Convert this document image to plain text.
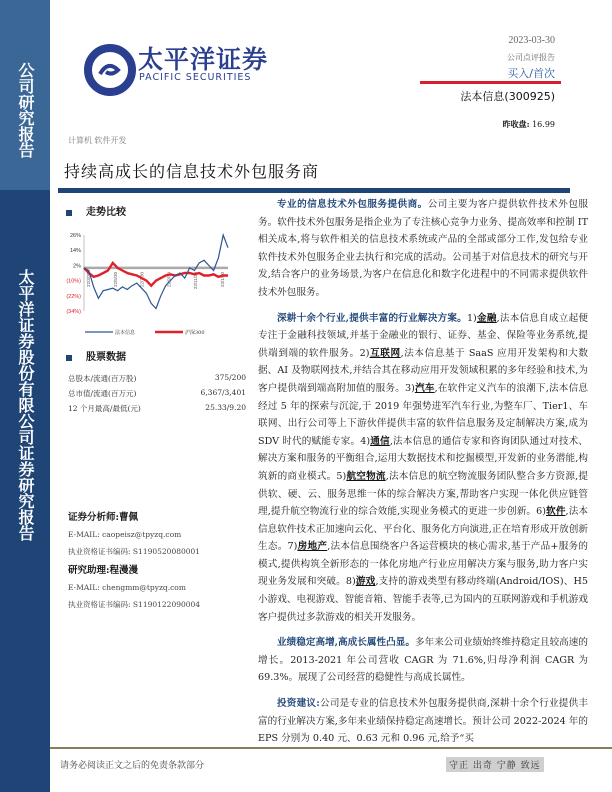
公司研究报告
太平洋证券股份有限公司证券研究报告
太平洋证券
PACIFIC SECURITIES
2023-03-30
公司点评报告
买入/首次
法本信息(300925)
昨收盘: 16.99
计算机 软件开发
持续高成长的信息技术外包服务商
走势比较
26%
14%
2%
(10%)
(22%)
(34%)
22/3/30	22/5/30	22/7/30	22/9/30	22/11/30	23/1/30
法本信息	沪深300
股票数据
总股本/流通(百万股)	375/200
总市值/流通(百万元)	6,367/3,401
12 个月最高/最低(元)	25.33/9.20
证券分析师:曹佩
E-MAIL: caopeisz@tpyzq.com
执业资格证书编码: S1190520080001
研究助理:程漫漫
E-MAIL: chengmm@tpyzq.com
执业资格证书编码: S1190122090004

专业的信息技术外包服务提供商。公司主要为客户提供软件技术外包服务。软件技术外包服务是指企业为了专注核心竞争力业务、提高效率和控制 IT 相关成本,将与软件相关的信息技术系统或产品的全部或部分工作,发包给专业软件技术外包服务企业去执行和完成的活动。公司基于对信息技术的研究与开发,结合客户的业务场景,为客户在信息化和数字化进程中的不同需求提供软件技术外包服务。

深耕十余个行业,提供丰富的行业解决方案。1)金融,法本信息自成立起便专注于金融科技领域,并基于金融业的银行、证券、基金、保险等业务系统,提供端到端的软件服务。2)互联网,法本信息基于 SaaS 应用开发架构和大数据、AI 及物联网技术,并结合其在移动应用开发领域积累的多年经验和技术,为客户提供端到端高附加值的服务。3)汽车,在软件定义汽车的浪潮下,法本信息经过 5 年的探索与沉淀,于 2019 年强势进军汽车行业,为整车厂、Tier1、车联网、出行公司等上下游伙伴提供丰富的软件信息服务及定制解决方案,成为 SDV 时代的赋能专家。4)通信,法本信息的通信专家和咨询团队通过对技术、解决方案和服务的平衡组合,运用大数据技术和挖掘模型,开发新的业务潜能,构筑新的商业模式。5)航空物流,法本信息的航空物流服务团队整合多方资源,提供软、硬、云、服务思维一体的综合解决方案,帮助客户实现一体化供应链管理,提升航空物流行业的综合效能,实现业务模式的更进一步创新。6)软件,法本信息软件技术正加速向云化、平台化、服务化方向演进,正在培育形成开放创新生态。7)房地产,法本信息围绕客户各运营模块的核心需求,基于产品+服务的模式,提供构筑全新形态的一体化房地产行业应用解决方案与服务,助力客户实现业务发展和突破。8)游戏,支持的游戏类型有移动终端(Android/IOS)、H5 小游戏、电视游戏、智能音箱、智能手表等,已为国内的互联网游戏和手机游戏客户提供过多款游戏的相关开发服务。

业绩稳定高增,高成长属性凸显。多年来公司业绩始终维持稳定且较高速的增长。2013-2021 年公司营收 CAGR 为 71.6%,归母净利润 CAGR 为 69.3%。展现了公司经营的稳健性与高成长属性。

投资建议:公司是专业的信息技术外包服务提供商,深耕十余个行业提供丰富的行业解决方案,多年来业绩保持稳定高速增长。预计公司 2022-2024 年的 EPS 分别为 0.40 元、0.63 元和 0.96 元,给予“买

请务必阅读正文之后的免责条款部分	守正 出奇 宁静 致远
